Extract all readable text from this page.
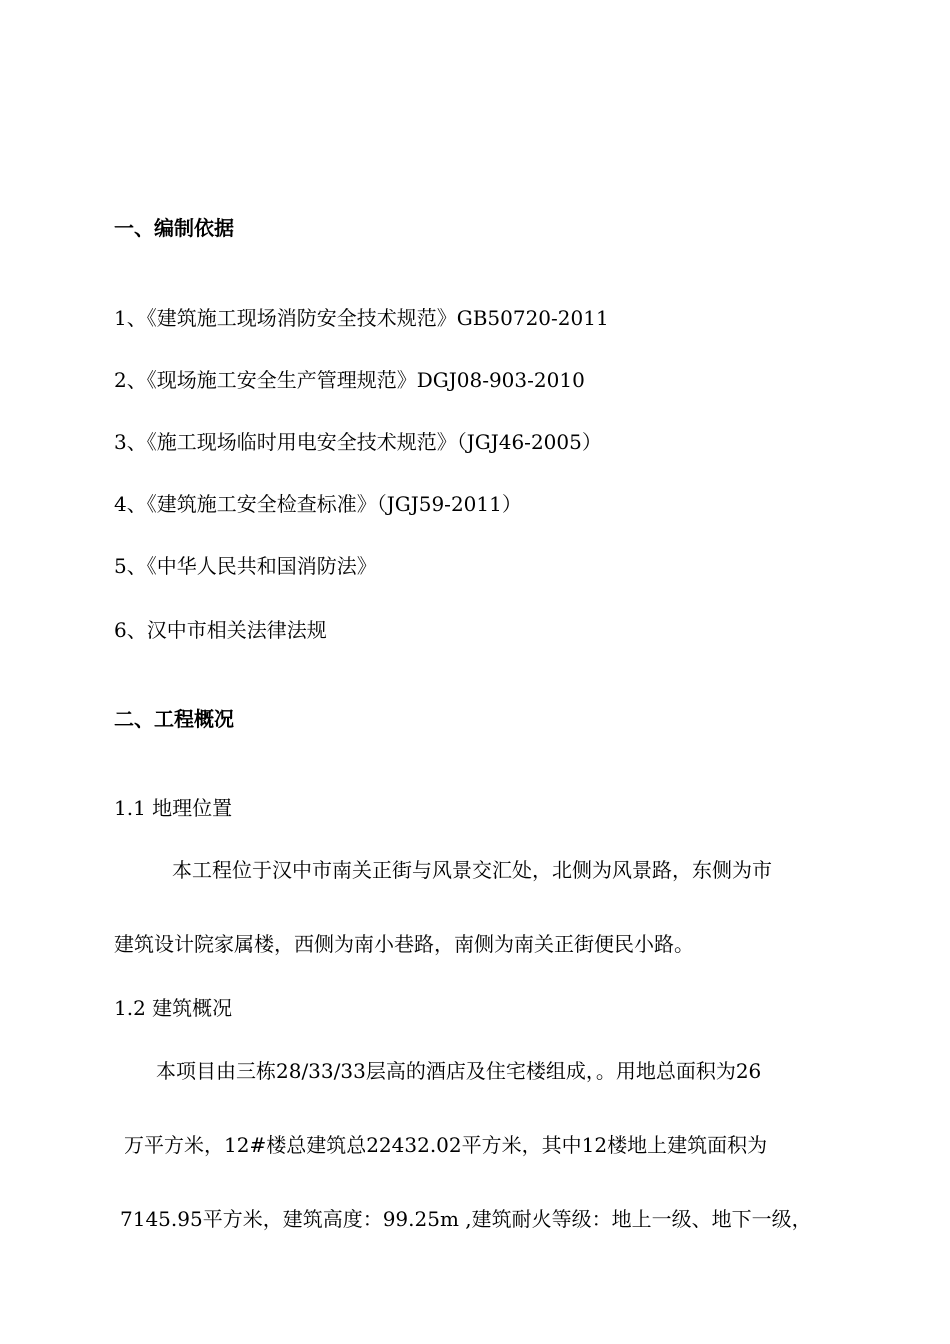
一、编制依据
1、《建筑施工现场消防安全技术规范》GB50720-2011
2、《现场施工安全生产管理规范》DGJ08-903-2010
3、《施工现场临时用电安全技术规范》（JGJ46-2005）
4、《建筑施工安全检查标准》（JGJ59-2011）
5、《中华人民共和国消防法》
6、汉中市相关法律法规
二、工程概况
1.1 地理位置
本工程位于汉中市南关正街与风景交汇处，北侧为风景路，东侧为市
建筑设计院家属楼，西侧为南小巷路，南侧为南关正街便民小路。
1.2 建筑概况
本项目由三栋28/33/33层高的酒店及住宅楼组成，。用地总面积为26
万平方米，12#楼总建筑总22432.02平方米，其中12楼地上建筑面积为
7145.95平方米，建筑高度：99.25m ,建筑耐火等级：地上一级、地下一级，
